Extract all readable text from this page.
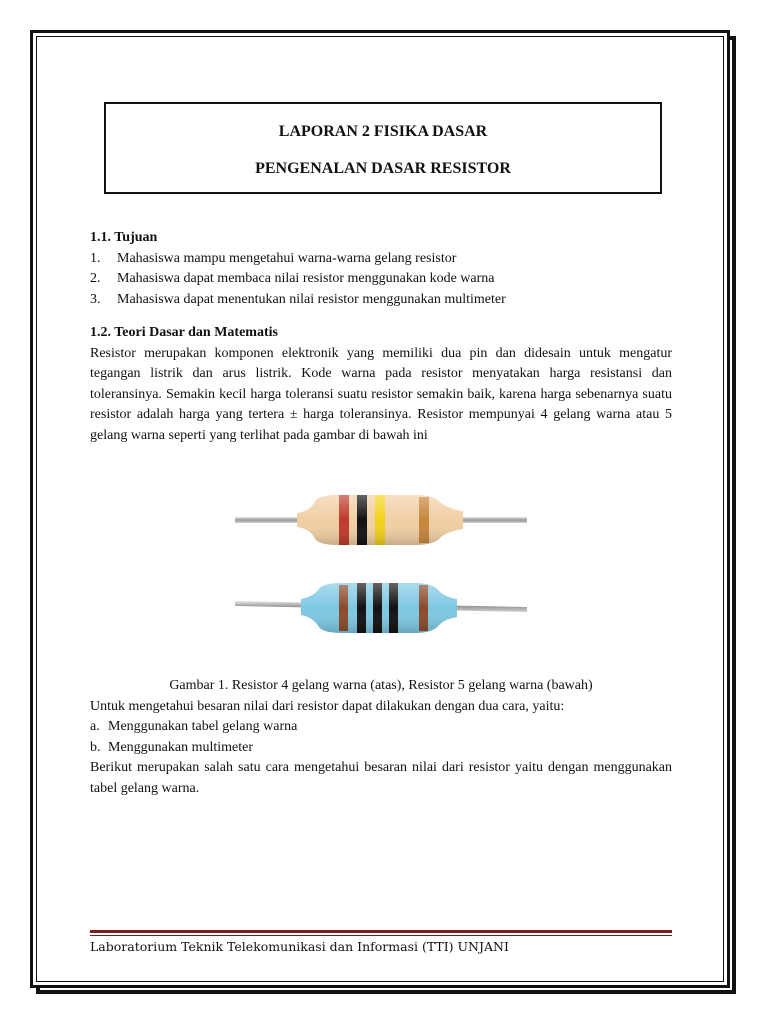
LAPORAN 2 FISIKA DASAR
PENGENALAN DASAR RESISTOR
1.1. Tujuan
1.	Mahasiswa mampu mengetahui warna-warna gelang resistor
2.	Mahasiswa dapat membaca nilai resistor menggunakan kode warna
3.	Mahasiswa dapat menentukan nilai resistor menggunakan multimeter
1.2. Teori Dasar dan Matematis

Resistor merupakan komponen elektronik yang memiliki dua pin dan didesain untuk mengatur tegangan listrik dan arus listrik. Kode warna pada resistor menyatakan harga resistansi dan toleransinya. Semakin kecil harga toleransi suatu resistor semakin baik, karena harga sebenarnya suatu resistor adalah harga yang tertera ± harga toleransinya. Resistor mempunyai 4 gelang warna atau 5 gelang warna seperti yang terlihat pada gambar di bawah ini

Gambar 1. Resistor 4 gelang warna (atas), Resistor 5 gelang warna (bawah)

Untuk mengetahui besaran nilai dari resistor dapat dilakukan dengan dua cara, yaitu:

a. Menggunakan tabel gelang warna
b. Menggunakan multimeter

Berikut merupakan salah satu cara mengetahui besaran nilai dari resistor yaitu dengan menggunakan tabel gelang warna.

Laboratorium Teknik Telekomunikasi dan Informasi (TTI) UNJANI
